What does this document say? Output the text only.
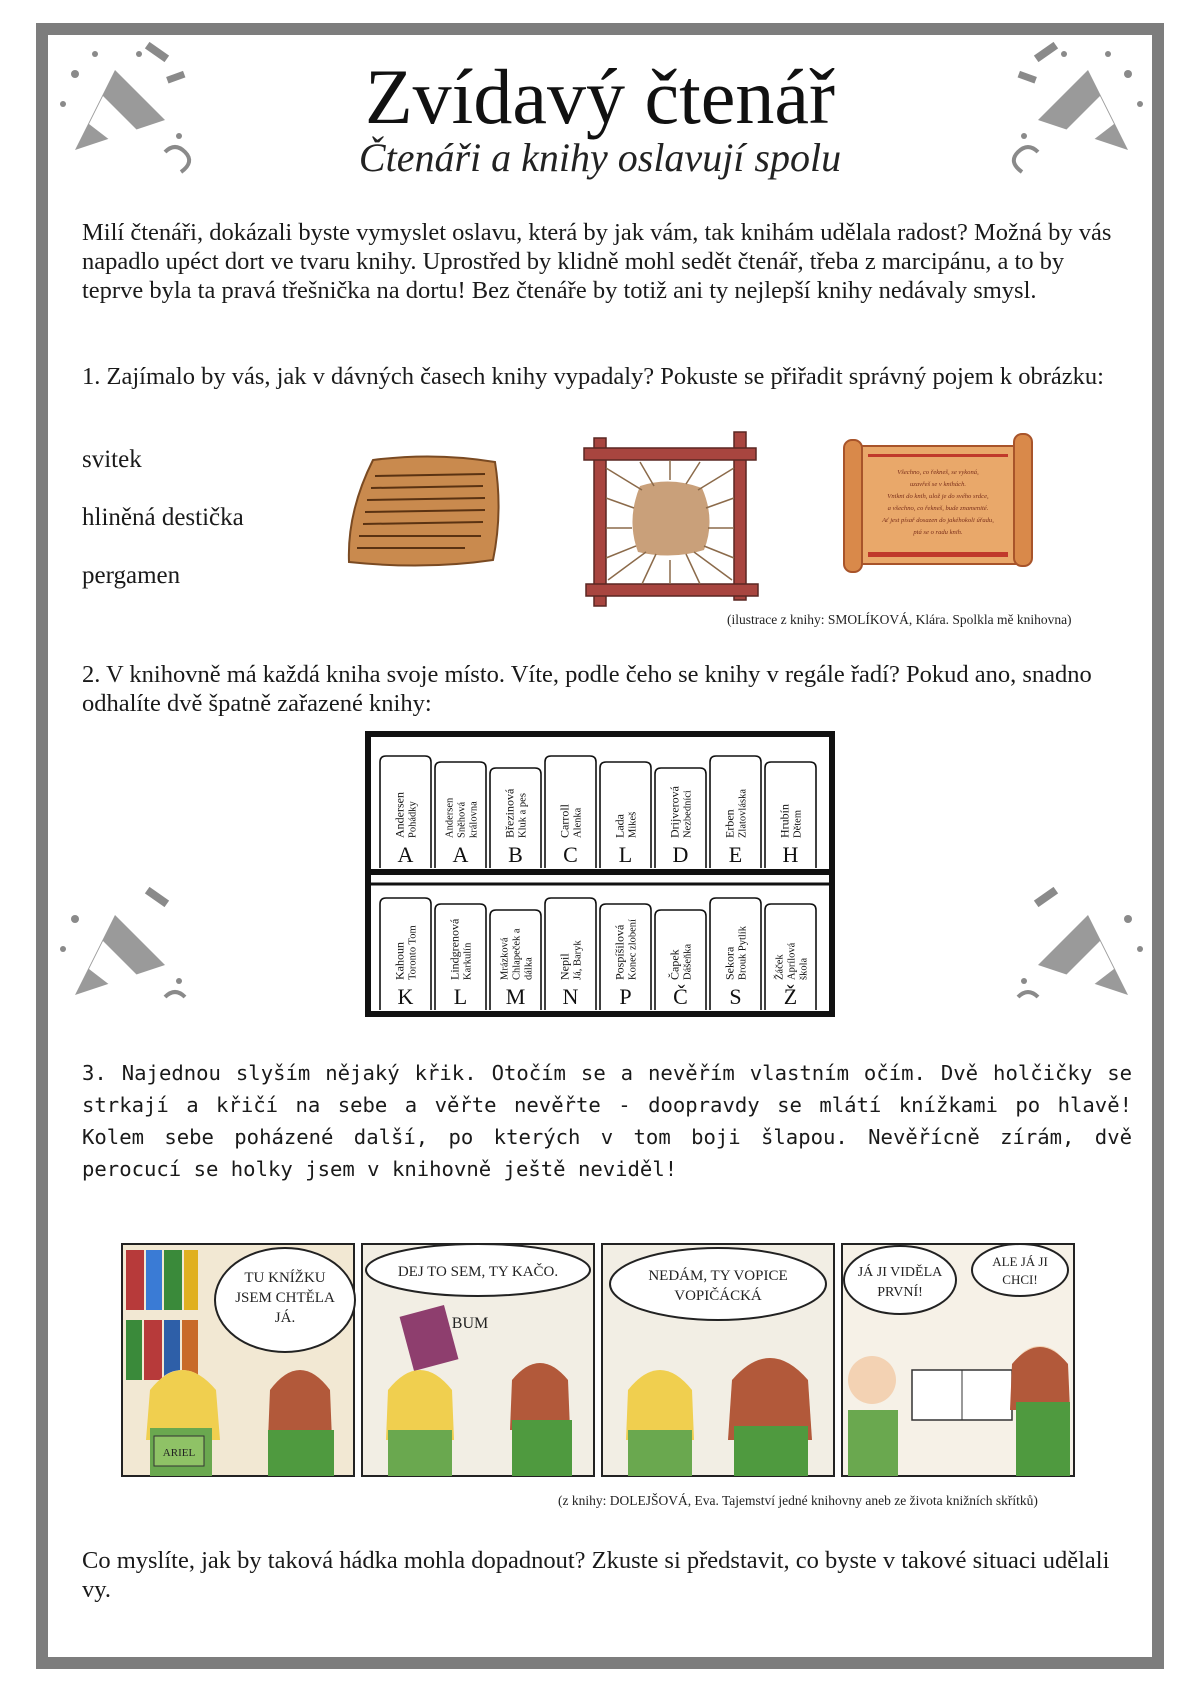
Zvídavý čtenář
Čtenáři a knihy oslavují spolu

Milí čtenáři, dokázali byste vymyslet oslavu, která by jak vám, tak knihám udělala radost? Možná by vás napadlo upéct dort ve tvaru knihy. Uprostřed by klidně mohl sedět čtenář, třeba z marcipánu, a to by teprve byla ta pravá třešnička na dortu! Bez čtenáře by totiž ani ty nejlepší knihy nedávaly smysl.

1. Zajímalo by vás, jak v dávných časech knihy vypadaly? Pokuste se přiřadit správný pojem k obrázku:

svitek
hliněná destička
pergamen
Všechno, co řekneš, se vykoná,
uzavřeš se v knihách.
Vnikni do knih, ulož je do svého srdce,
a všechno, co řekneš, bude znamenité.
Ať jest písař dosazen do jakéhokoli úřadu,
ptá se o radu knih.
(ilustrace z knihy: SMOLÍKOVÁ, Klára. Spolkla mě knihovna)

2. V knihovně má každá kniha svoje místo. Víte, podle čeho se knihy v regále řadí? Pokud ano, snadno odhalíte dvě špatně zařazené knihy:

Andersen Pohádky
A
Andersen Sněhová královna
A
Březinová Kluk a pes
B
Carroll Alenka
C
Lada Mikeš
L
Drijverová Nezbedníci
D
Erben Zlatovláska
E
Hrubín Dětem
H
Kahoun Toronto Tom
K
Lindgrenová Karkulín
L
Mrázková Chlapeček a dálka
M
Nepil Já, Baryk
N
Pospíšilová Konec zlobení
P
Čapek Dášeňka
Č
Sekora Brouk Pytlík
S
Žáček Aprílová škola
Ž

3. Najednou slyším nějaký křik. Otočím se a nevěřím vlastním očím. Dvě holčičky se strkají a křičí na sebe a věřte nevěřte - doopravdy se mlátí knížkami po hlavě! Kolem sebe poházené další, po kterých v tom boji šlapou. Nevěřícně zírám, dvě perocucí se holky jsem v knihovně ještě neviděl!

TU KNÍŽKU
JSEM CHTĚLA
JÁ.
ARIEL
DEJ TO SEM, TY KAČO.
BUM
NEDÁM, TY VOPICE
VOPIČÁCKÁ
JÁ JI VIDĚLA
PRVNÍ!
ALE JÁ JI
CHCI!
(z knihy: DOLEJŠOVÁ, Eva. Tajemství jedné knihovny aneb ze života knižních skřítků)

Co myslíte, jak by taková hádka mohla dopadnout? Zkuste si představit, co byste v takové situaci udělali vy.
